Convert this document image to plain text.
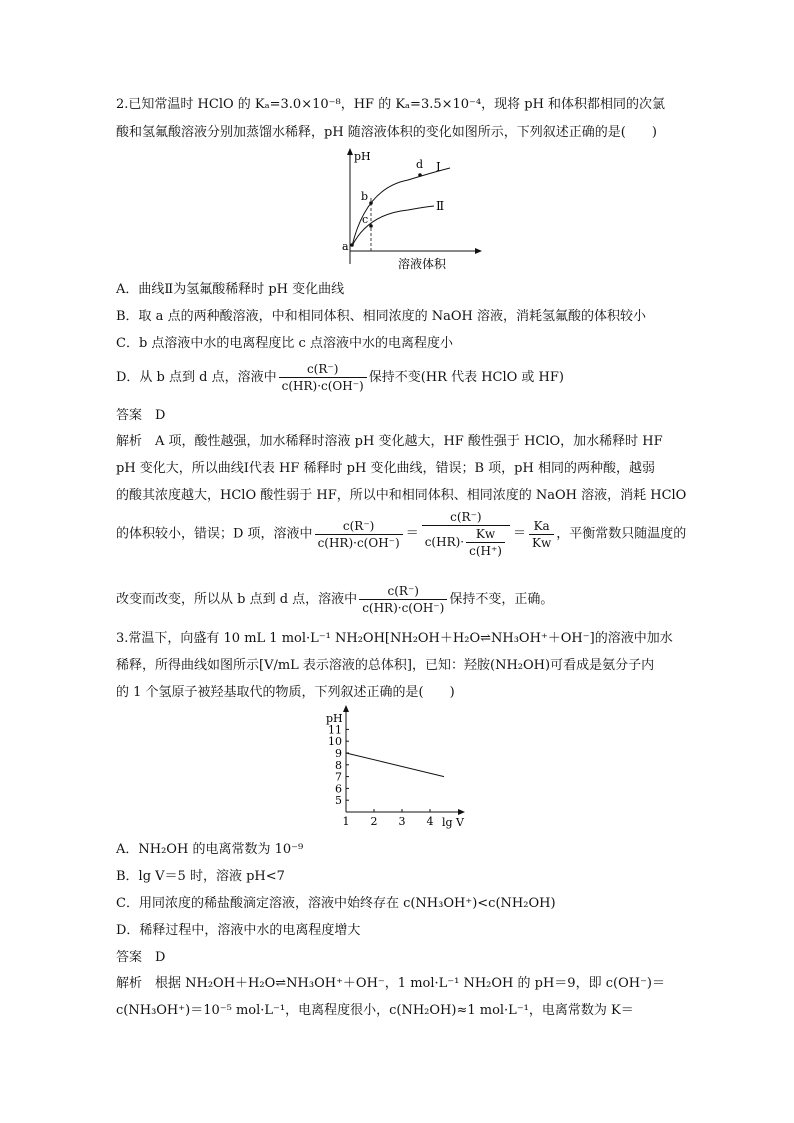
2.已知常温时 HClO 的 Kₐ=3.0×10⁻⁸，HF 的 Kₐ=3.5×10⁻⁴，现将 pH 和体积都相同的次氯
酸和氢氟酸溶液分别加蒸馏水稀释，pH 随溶液体积的变化如图所示，下列叙述正确的是(　　)
pH
a
b
c
d Ⅰ
Ⅱ
溶液体积
A．曲线Ⅱ为氢氟酸稀释时 pH 变化曲线
B．取 a 点的两种酸溶液，中和相同体积、相同浓度的 NaOH 溶液，消耗氢氟酸的体积较小
C．b 点溶液中水的电离程度比 c 点溶液中水的电离程度小
D．从 b 点到 d 点，溶液中 $\frac{c(R^-)}{c(HR)\cdot c(OH^-)}$ 保持不变(HR 代表 HClO 或 HF)
答案　D
解析　A 项，酸性越强，加水稀释时溶液 pH 变化越大，HF 酸性强于 HClO，加水稀释时 HF
pH 变化大，所以曲线Ⅰ代表 HF 稀释时 pH 变化曲线，错误；B 项，pH 相同的两种酸，越弱
的酸其浓度越大，HClO 酸性弱于 HF，所以中和相同体积、相同浓度的 NaOH 溶液，消耗 HClO
的体积较小，错误；D 项，溶液中 $\frac{c(R^-)}{c(HR)\cdot c(OH^-)} = \frac{c(R^-)}{c(HR)\cdot \frac{Kw}{c(H^+)}} = \frac{Ka}{Kw}$ ，平衡常数只随温度的
改变而改变，所以从 b 点到 d 点，溶液中 $\frac{c(R^-)}{c(HR)\cdot c(OH^-)}$ 保持不变，正确。
3.常温下，向盛有 10 mL 1 mol·L⁻¹ NH₂OH[NH₂OH＋H₂O⇌NH₃OH⁺＋OH⁻]的溶液中加水
稀释，所得曲线如图所示[V/mL 表示溶液的总体积]，已知：羟胺(NH₂OH)可看成是氨分子内
的 1 个氢原子被羟基取代的物质，下列叙述正确的是(　　)
pH
lg V
5
6
7
8
9
10
11
1 2 3 4
A．NH₂OH 的电离常数为 10⁻⁹
B．lg V＝5 时，溶液 pH<7
C．用同浓度的稀盐酸滴定溶液，溶液中始终存在 c(NH₃OH⁺)<c(NH₂OH)
D．稀释过程中，溶液中水的电离程度增大
答案　D
解析　根据 NH₂OH＋H₂O⇌NH₃OH⁺＋OH⁻，1 mol·L⁻¹ NH₂OH 的 pH＝9，即 c(OH⁻)＝
c(NH₃OH⁺)＝10⁻⁵ mol·L⁻¹，电离程度很小，c(NH₂OH)≈1 mol·L⁻¹，电离常数为 K＝
